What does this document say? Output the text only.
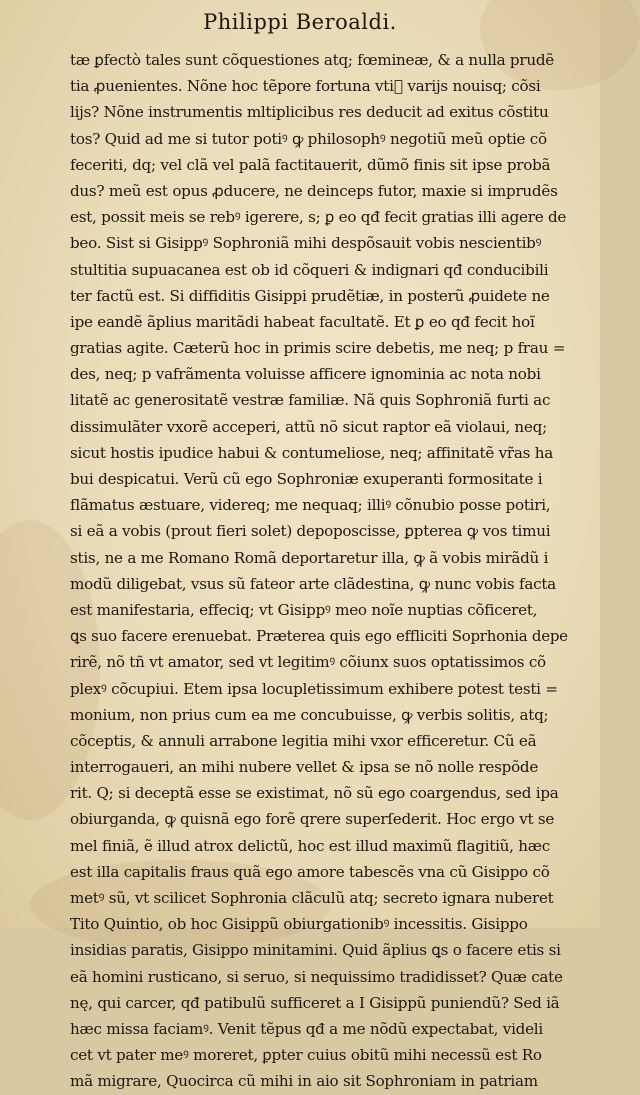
Philippi Beroaldi.
tæ ꝑfectò tales sunt cõquestiones atq; fœmineæ, & a nulla prudẽ
tia ꝓuenientes. Nõne hoc tẽpore fortuna vti᷑ varijs nouisq; cõsi
lijs? Nõne instrumentis mltiplicibus res deducit ad exitus cõstitu
tos? Quid ad me si tutor potiꝰ ꝙ philosophꝰ negotiũ meũ optie cõ
feceriti, dq; vel clã vel palã factitauerit, dũmõ finis sit ipse probã
dus? meũ est opus ꝓducere, ne deinceps futor, maxie si imprudẽs
est, possit meis se rebꝰ igerere, s; ꝑ eo qđ fecit gratias illi agere de
beo. Sist si Gisippꝰ Sophroniã mihi despõsauit vobis nescientibꝰ
stultitia supuacanea est ob id cõqueri & indignari qđ conducibili
ter factũ est. Si diffiditis Gisippi prudẽtiæ, in posterũ ꝓuidete ne
ipe eandẽ ãplius maritãdi habeat facultatẽ. Et ꝑ eo qđ fecit hoĩ
gratias agite. Cæterũ hoc in primis scire debetis, me neq; p frau =
des, neq; p vafrãmenta voluisse afficere ignominia ac nota nobi
litatẽ ac generositatẽ vestræ familiæ. Nã quis Sophroniã furti ac
dissimulãter vxorẽ acceperi, attũ nõ sicut raptor eã violaui, neq;
sicut hostis ipudice habui & contumeliose, neq; affinitatẽ vr̃as ha
bui despicatui. Verũ cũ ego Sophroniæ exuperanti formositate i
flãmatus æstuare, videreq; me nequaq; illiꝰ cõnubio posse potiri,
si eã a vobis (prout fieri solet) depoposcisse, ꝑpterea ꝙ vos timui
stis, ne a me Romano Romã deportaretur illa, ꝙ ã vobis mirãdũ i
modũ diligebat, vsus sũ fateor arte clãdestina, ꝙ nunc vobis facta
est manifestaria, effeciq; vt Gisippꝰ meo noĩe nuptias cõficeret,
ꝗs suo facere erenuebat. Præterea quis ego effliciti Soprhonia depe
rirẽ, nõ tñ vt amator, sed vt legitimꝰ cõiunx suos optatissimos cõ
plexꝰ cõcupiui. Etem ipsa locupletissimum exhibere potest testi =
monium, non prius cum ea me concubuisse, ꝙ verbis solitis, atq;
cõceptis, & annuli arrabone legitia mihi vxor efficeretur. Cũ eã
interrogaueri, an mihi nubere vellet & ipsa se nõ nolle respõde
rit. Q; si deceptã esse se existimat, nõ sũ ego coargendus, sed ipa
obiurganda, ꝙ quisnã ego forẽ qrere superſederit. Hoc ergo vt se
mel finiã, ẽ illud atrox delictũ, hoc est illud maximũ flagitiũ, hæc
est illa capitalis fraus quã ego amore tabescẽs vna cũ Gisippo cõ
metꝰ sũ, vt scilicet Sophronia clãculũ atq; secreto ignara nuberet
Tito Quintio, ob hoc Gisippũ obiurgationibꝰ incessitis. Gisippo
insidias paratis, Gisippo minitamini. Quid ãplius ꝗs o facere etis si
eã homini rusticano, si seruo, si nequissimo tradidisset? Quæ cate
nę, qui carcer, qđ patibulũ sufficeret a I Gisippũ puniendũ? Sed iã
hæc missa faciamꝰ. Venit tẽpus qđ a me nõdũ expectabat, videli
cet vt pater meꝰ moreret, ꝑpter cuius obitũ mihi necessũ est Ro
mã migrare, Quocirca cũ mihi in aio sit Sophroniam in patriam
